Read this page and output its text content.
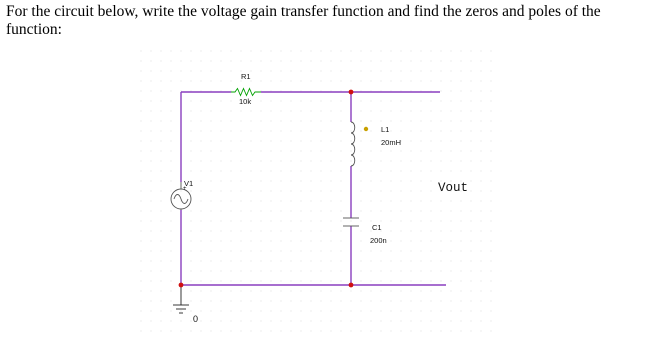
For the circuit below, write the voltage gain transfer function and find the zeros and poles of the function:

R1
10k
L1
20mH
C1
200n
+
V1
0
Vout
